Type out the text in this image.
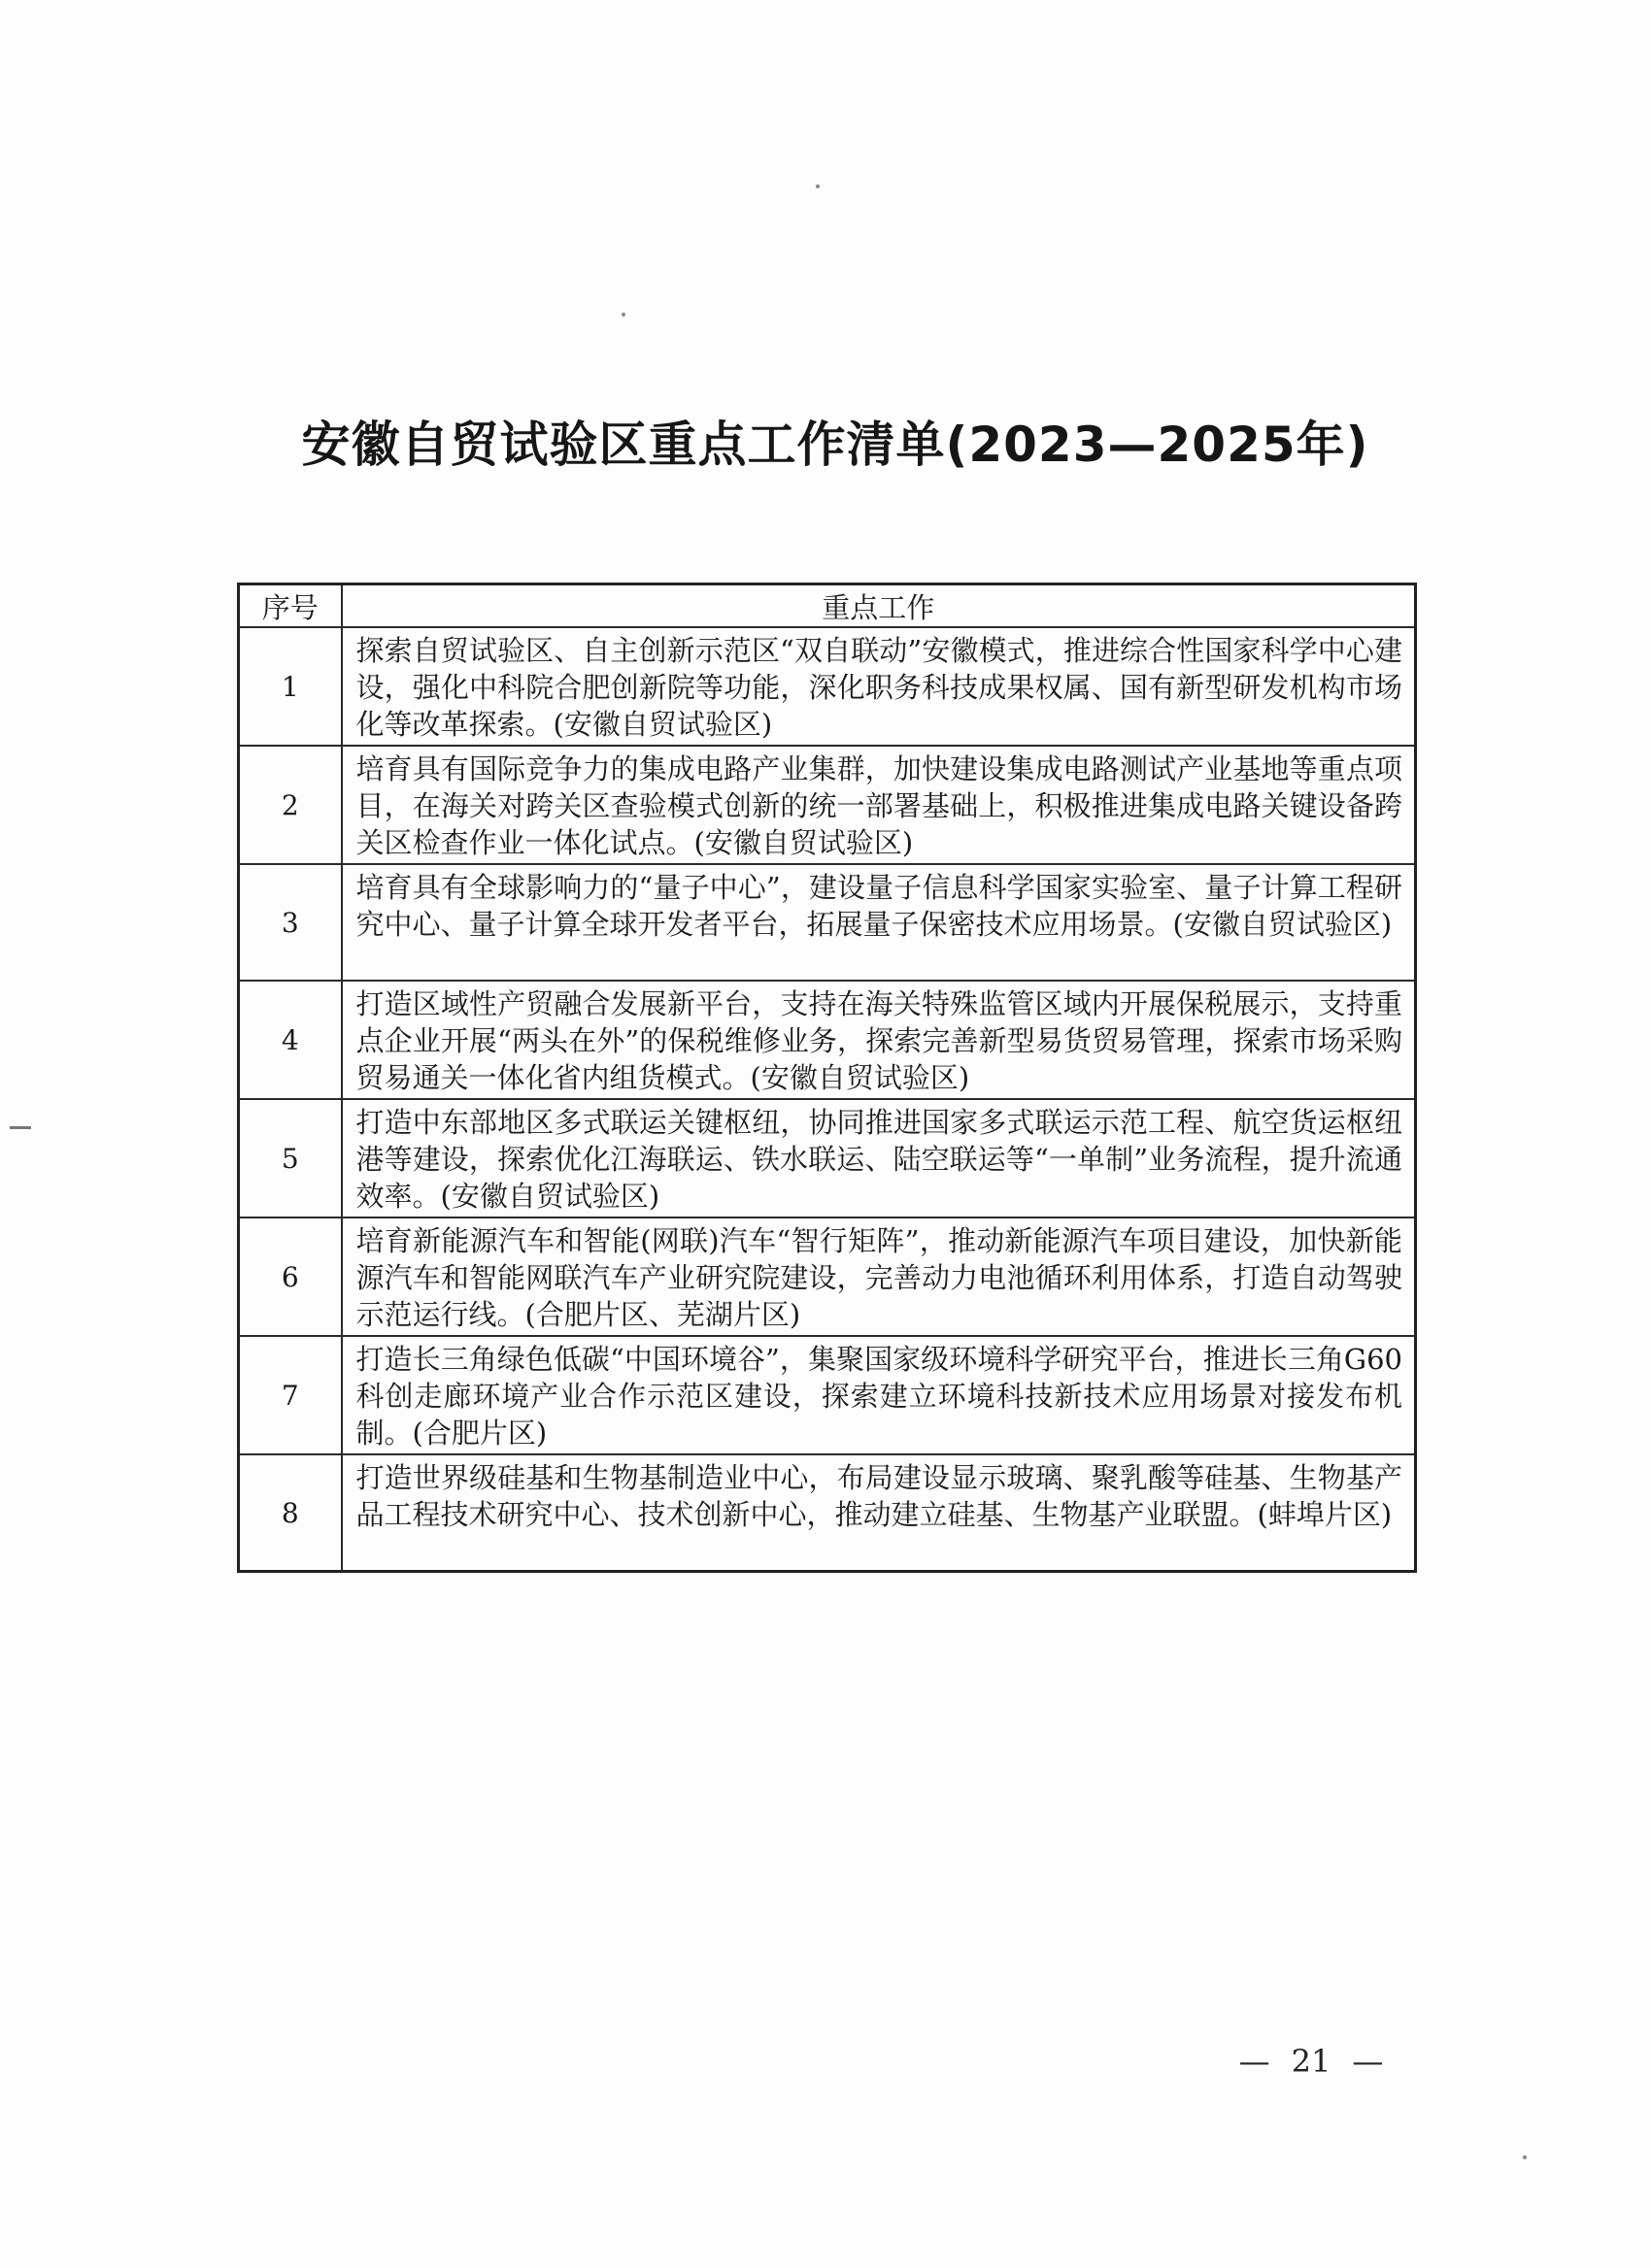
安徽自贸试验区重点工作清单(2023—2025年)
序号	重点工作
1	探索自贸试验区、自主创新示范区“双自联动”安徽模式，推进综合性国家科学中心建设，强化中科院合肥创新院等功能，深化职务科技成果权属、国有新型研发机构市场化等改革探索。(安徽自贸试验区)
2	培育具有国际竞争力的集成电路产业集群，加快建设集成电路测试产业基地等重点项目，在海关对跨关区查验模式创新的统一部署基础上，积极推进集成电路关键设备跨关区检查作业一体化试点。(安徽自贸试验区)
3	培育具有全球影响力的“量子中心”，建设量子信息科学国家实验室、量子计算工程研究中心、量子计算全球开发者平台，拓展量子保密技术应用场景。(安徽自贸试验区)
4	打造区域性产贸融合发展新平台，支持在海关特殊监管区域内开展保税展示，支持重点企业开展“两头在外”的保税维修业务，探索完善新型易货贸易管理，探索市场采购贸易通关一体化省内组货模式。(安徽自贸试验区)
5	打造中东部地区多式联运关键枢纽，协同推进国家多式联运示范工程、航空货运枢纽港等建设，探索优化江海联运、铁水联运、陆空联运等“一单制”业务流程，提升流通效率。(安徽自贸试验区)
6	培育新能源汽车和智能(网联)汽车“智行矩阵”，推动新能源汽车项目建设，加快新能源汽车和智能网联汽车产业研究院建设，完善动力电池循环利用体系，打造自动驾驶示范运行线。(合肥片区、芜湖片区)
7	打造长三角绿色低碳“中国环境谷”，集聚国家级环境科学研究平台，推进长三角G60科创走廊环境产业合作示范区建设，探索建立环境科技新技术应用场景对接发布机制。(合肥片区)
8	打造世界级硅基和生物基制造业中心，布局建设显示玻璃、聚乳酸等硅基、生物基产品工程技术研究中心、技术创新中心，推动建立硅基、生物基产业联盟。(蚌埠片区)
— 21 —
